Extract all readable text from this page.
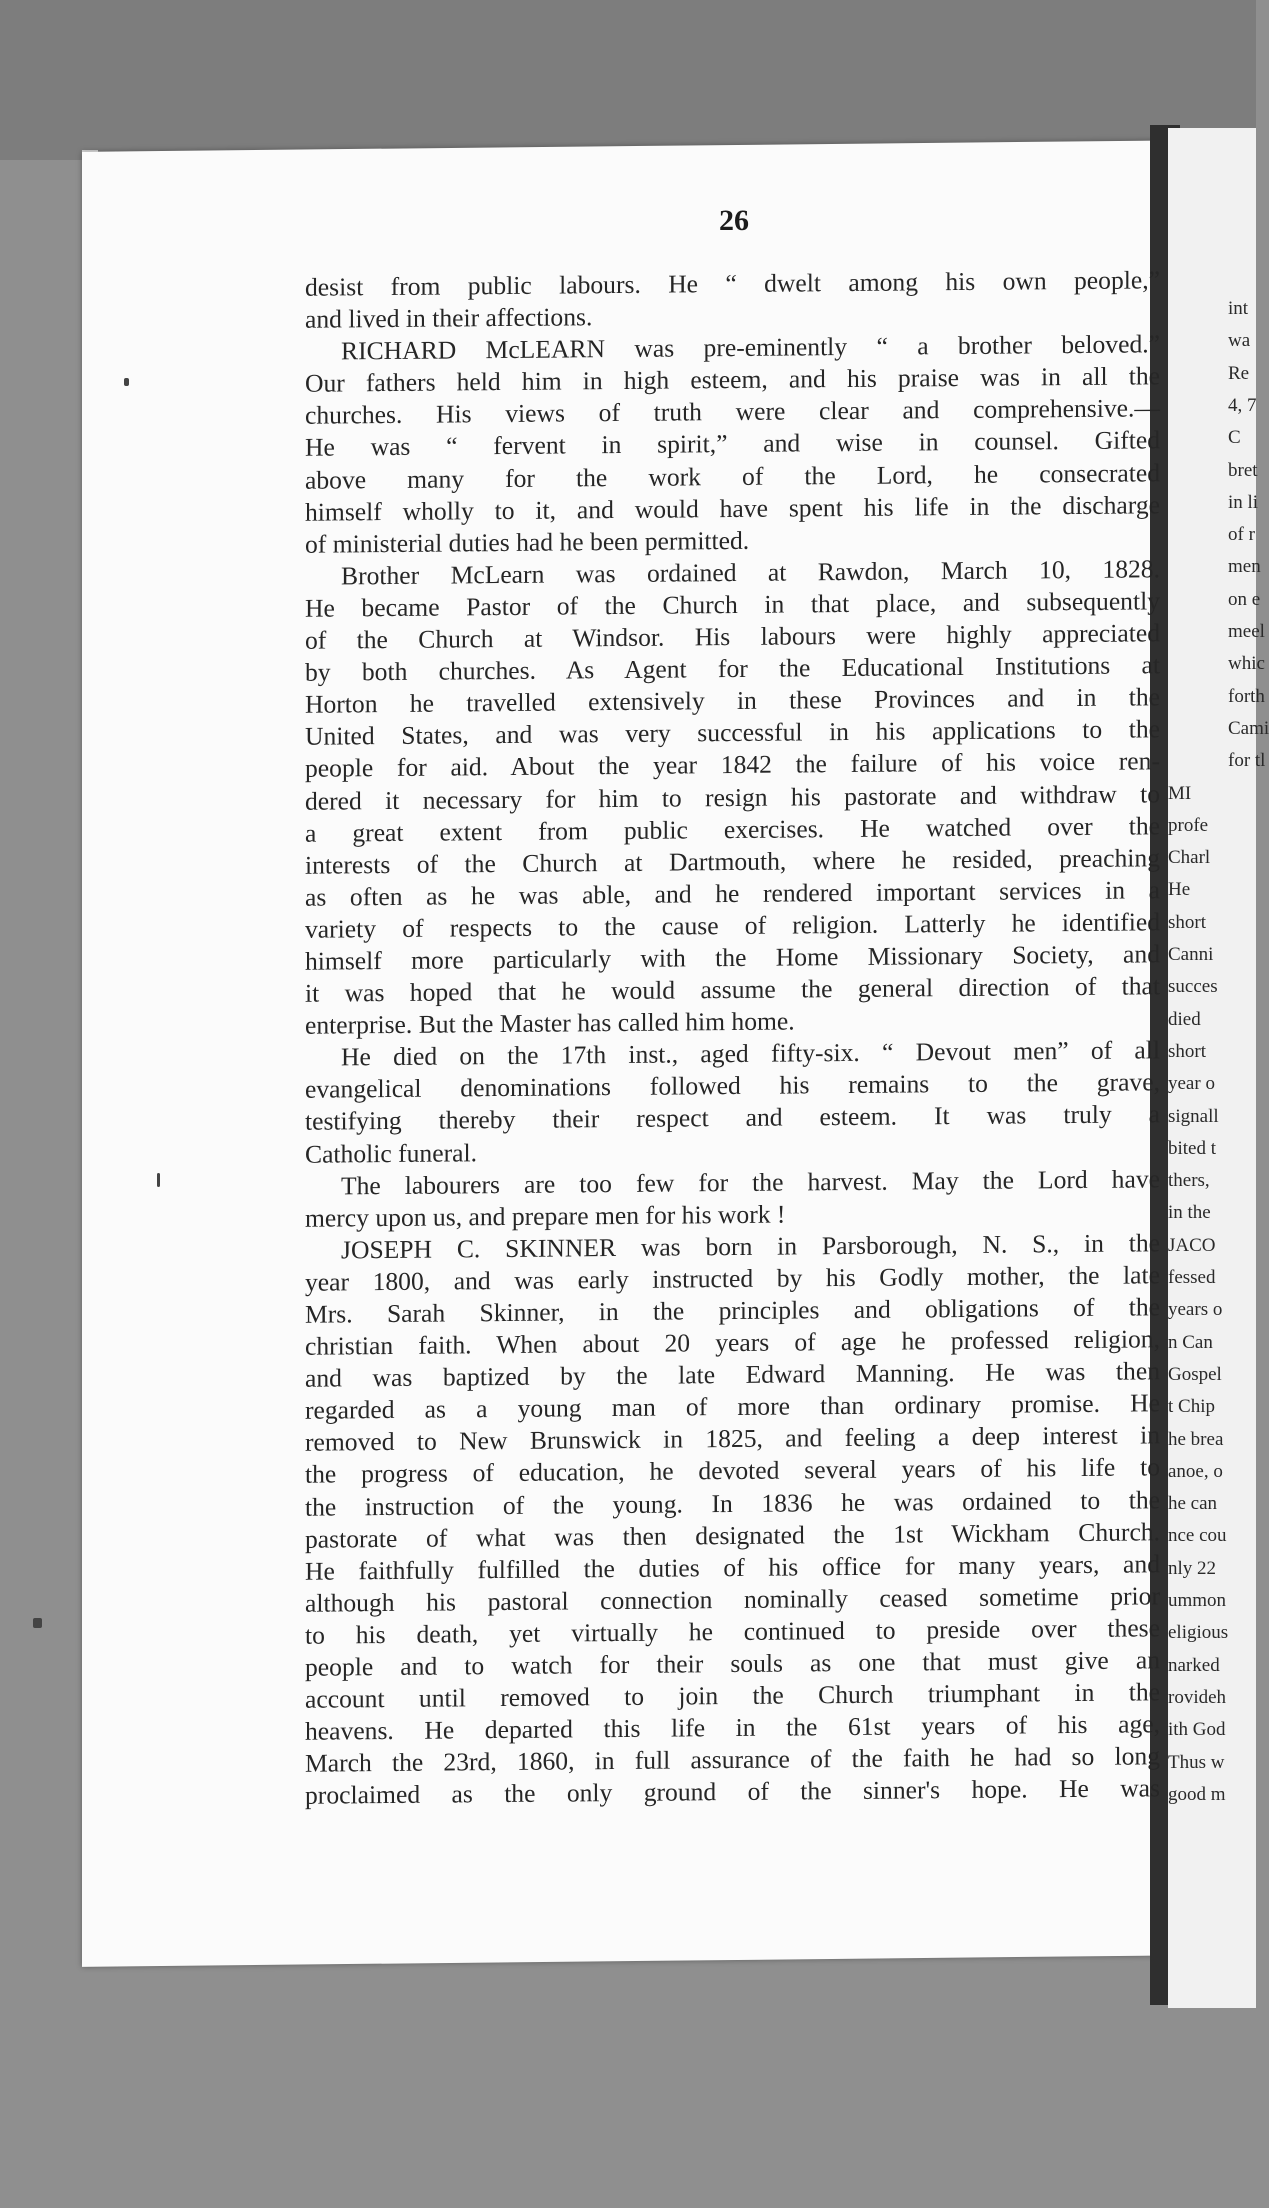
int
wa
Re
4, 7
C
bret
in li
of r
men
on e
meel
whic
forth
Cami
for tl
MI
profe
Charl
He
short
Canni
succes
died
short
year o
signall
bited t
thers,
in the
JACO
fessed
years o
n Can
Gospel
t Chip
he brea
anoe, o
he can
nce cou
nly 22
ummon
eligious
narked
rovideh
ith God
Thus w
good m
26
desist from public labours. He “ dwelt among his own people,”
and lived in their affections.
RICHARD McLEARN was pre-eminently “ a brother beloved.”
Our fathers held him in high esteem, and his praise was in all the
churches. His views of truth were clear and comprehensive.—
He was “ fervent in spirit,” and wise in counsel. Gifted
above many for the work of the Lord, he consecrated
himself wholly to it, and would have spent his life in the discharge
of ministerial duties had he been permitted.
Brother McLearn was ordained at Rawdon, March 10, 1828.
He became Pastor of the Church in that place, and subsequently
of the Church at Windsor. His labours were highly appreciated
by both churches. As Agent for the Educational Institutions at
Horton he travelled extensively in these Provinces and in the
United States, and was very successful in his applications to the
people for aid. About the year 1842 the failure of his voice ren-
dered it necessary for him to resign his pastorate and withdraw to
a great extent from public exercises. He watched over the
interests of the Church at Dartmouth, where he resided, preaching
as often as he was able, and he rendered important services in a
variety of respects to the cause of religion. Latterly he identified
himself more particularly with the Home Missionary Society, and
it was hoped that he would assume the general direction of that
enterprise. But the Master has called him home.
He died on the 17th inst., aged fifty-six. “ Devout men” of all
evangelical denominations followed his remains to the grave,
testifying thereby their respect and esteem. It was truly a
Catholic funeral.
The labourers are too few for the harvest. May the Lord have
mercy upon us, and prepare men for his work !
JOSEPH C. SKINNER was born in Parsborough, N. S., in the
year 1800, and was early instructed by his Godly mother, the late
Mrs. Sarah Skinner, in the principles and obligations of the
christian faith. When about 20 years of age he professed religion,
and was baptized by the late Edward Manning. He was then
regarded as a young man of more than ordinary promise. He
removed to New Brunswick in 1825, and feeling a deep interest in
the progress of education, he devoted several years of his life to
the instruction of the young. In 1836 he was ordained to the
pastorate of what was then designated the 1st Wickham Church.
He faithfully fulfilled the duties of his office for many years, and
although his pastoral connection nominally ceased sometime prior
to his death, yet virtually he continued to preside over these
people and to watch for their souls as one that must give an
account until removed to join the Church triumphant in the
heavens. He departed this life in the 61st years of his age,
March the 23rd, 1860, in full assurance of the faith he had so long
proclaimed as the only ground of the sinner's hope. He was
